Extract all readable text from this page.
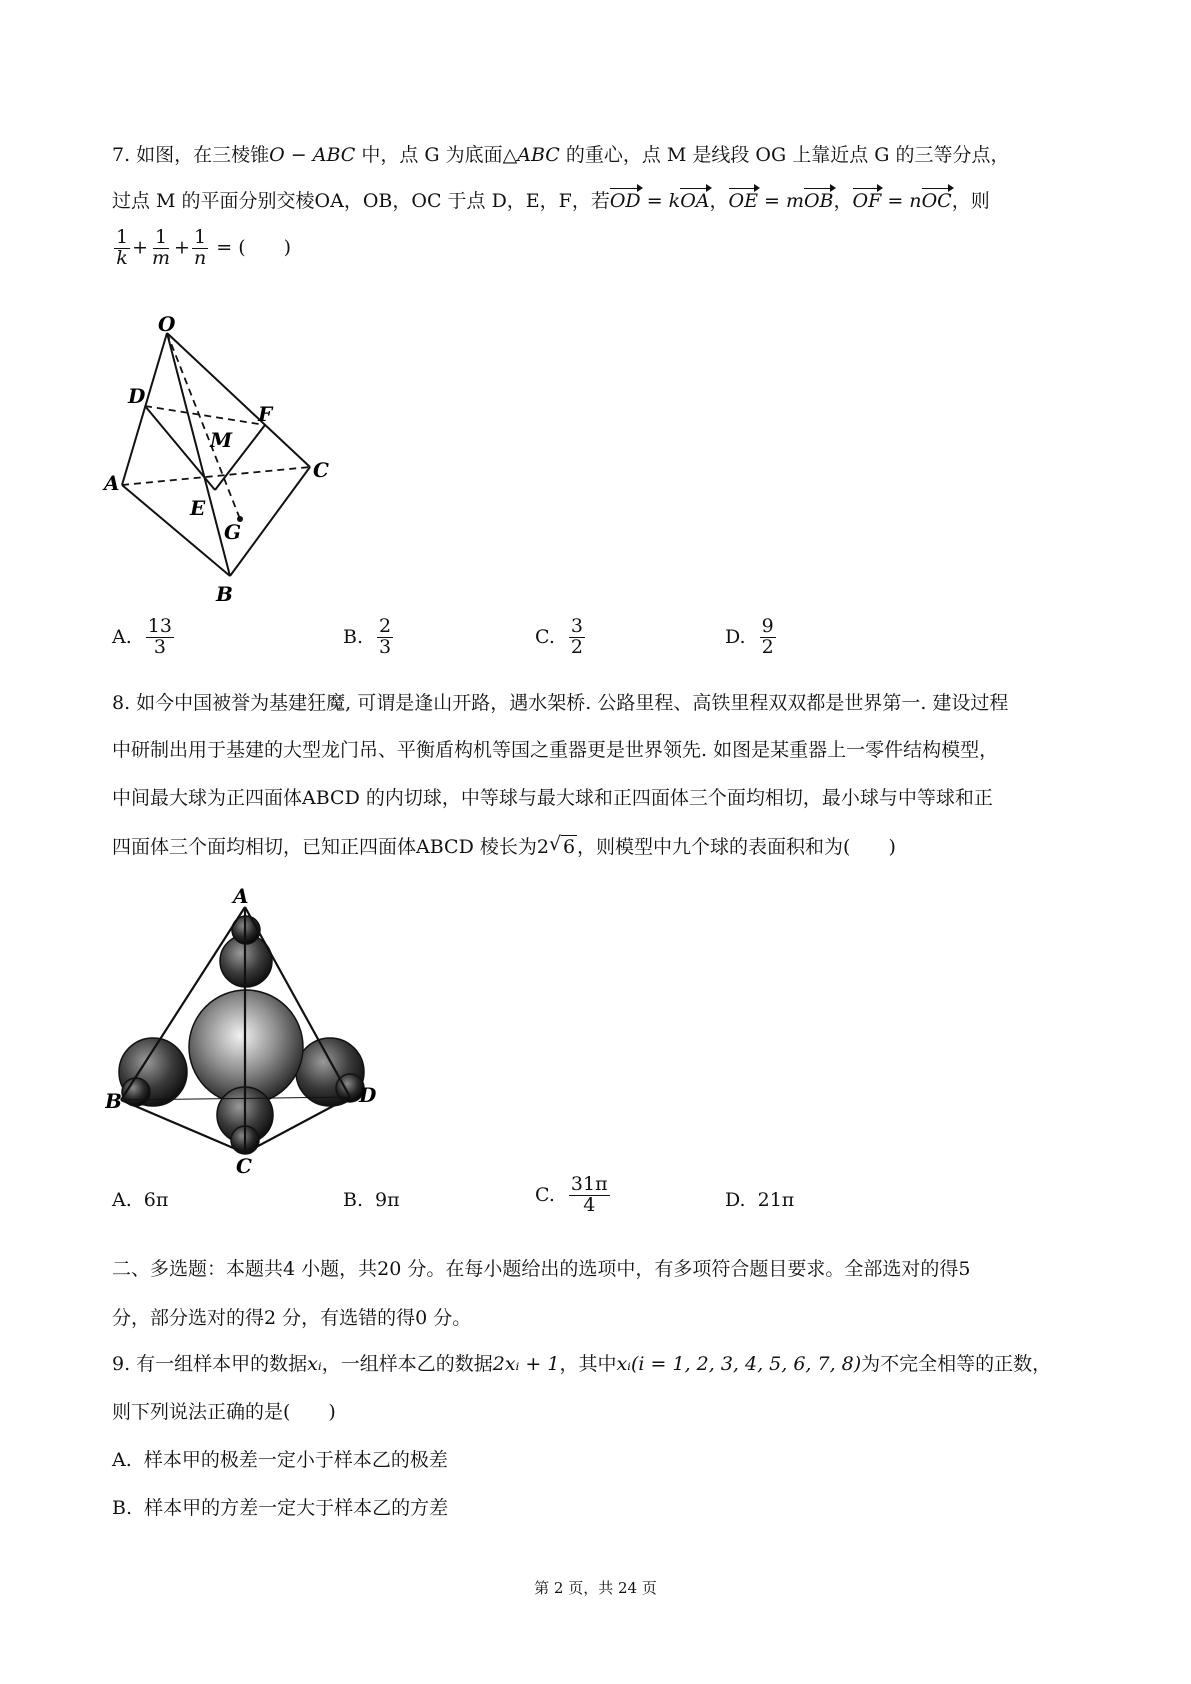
7. 如图，在三棱锥O − ABC 中，点 G 为底面△ABC 的重心，点 M 是线段 OG 上靠近点 G 的三等分点，
过点 M 的平面分别交棱OA，OB，OC 于点 D，E，F，若OD = kOA，OE = mOB，OF = nOC，则
$\frac{1}{k} + \frac{1}{m} + \frac{1}{n}$ = (　　)
O
D
F
M
A
C
E
G
B
A. $\frac{13}{3}$	B. $\frac{2}{3}$	C. $\frac{3}{2}$	D. $\frac{9}{2}$
8. 如今中国被誉为基建狂魔, 可谓是逢山开路，遇水架桥. 公路里程、高铁里程双双都是世界第一. 建设过程
中研制出用于基建的大型龙门吊、平衡盾构机等国之重器更是世界领先. 如图是某重器上一零件结构模型，
中间最大球为正四面体ABCD 的内切球，中等球与最大球和正四面体三个面均相切，最小球与中等球和正
四面体三个面均相切，已知正四面体ABCD 棱长为2 √ 6 ，则模型中九个球的表面积和为(　　)
A
B
C
D
A. 6π	B. 9π	C. $\frac{31\pi}{4}$	D. 21π
二、多选题：本题共4 小题，共20 分。在每小题给出的选项中，有多项符合题目要求。全部选对的得5
分，部分选对的得2 分，有选错的得0 分。
9. 有一组样本甲的数据xᵢ，一组样本乙的数据2xᵢ + 1，其中xᵢ(i = 1, 2, 3, 4, 5, 6, 7, 8)为不完全相等的正数，
则下列说法正确的是(　　)
A. 样本甲的极差一定小于样本乙的极差
B. 样本甲的方差一定大于样本乙的方差
第 2 页，共 24 页
